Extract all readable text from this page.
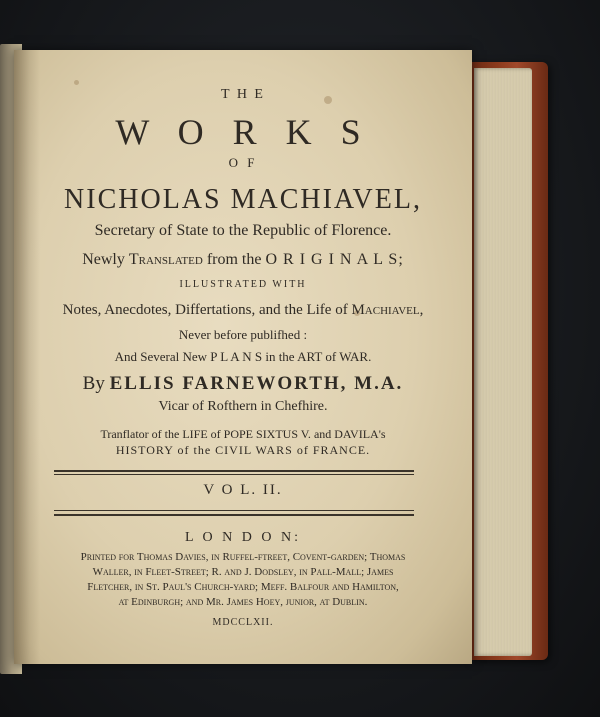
T H E
W O R K S
O F
NICHOLAS MACHIAVEL,
Secretary of State to the Republic of Florence.
Newly Translated from the O R I G I N A L S;
ILLUSTRATED WITH
Notes, Anecdotes, Differtations, and the Life of Machiavel,
Never before publifhed :
And Several New P L A N S in the ART of WAR.
By ELLIS FARNEWORTH, M.A.
Vicar of Rofthern in Chefhire.
Tranflator of the LIFE of POPE SIXTUS V. and DAVILA's
HISTORY of the CIVIL WARS of FRANCE.
V O L. II.
L O N D O N:
Printed for Thomas Davies, in Ruffel-ftreet, Covent-garden; Thomas
Waller, in Fleet-Street; R. and J. Dodsley, in Pall-Mall; James
Fletcher, in St. Paul's Church-yard; Meff. Balfour and Hamilton,
at Edinburgh; and Mr. James Hoey, junior, at Dublin.
MDCCLXII.
